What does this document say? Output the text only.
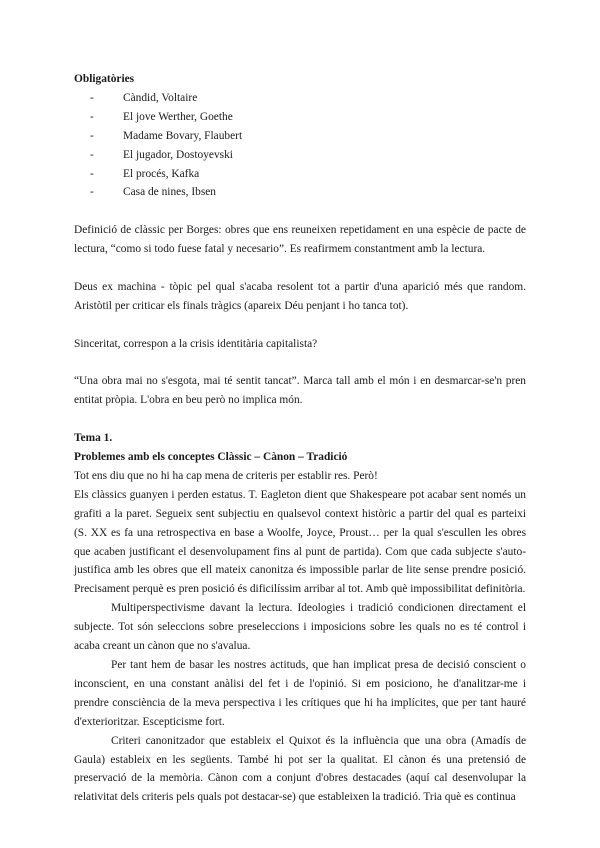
Obligatòries

-	Càndid, Voltaire
-	El jove Werther, Goethe
-	Madame Bovary, Flaubert
-	El jugador, Dostoyevski
-	El procés, Kafka
-	Casa de nines, Ibsen

Definició de clàssic per Borges: obres que ens reuneixen repetidament en una espècie de pacte de lectura, “como si todo fuese fatal y necesario”. Es reafirmem constantment amb la lectura.

Deus ex machina - tòpic pel qual s'acaba resolent tot a partir d'una aparició més que random. Aristòtil per criticar els finals tràgics (apareix Déu penjant i ho tanca tot).

Sinceritat, correspon a la crisis identitària capitalista?

“Una obra mai no s'esgota, mai té sentit tancat”. Marca tall amb el món i en desmarcar-se'n pren entitat pròpia. L'obra en beu però no implica món.

Tema 1.

Problemes amb els conceptes Clàssic – Cànon – Tradició

Tot ens diu que no hi ha cap mena de criteris per establir res. Però!

Els clàssics guanyen i perden estatus. T. Eagleton dient que Shakespeare pot acabar sent només un grafiti a la paret. Segueix sent subjectiu en qualsevol context històric a partir del qual es parteixi (S. XX es fa una retrospectiva en base a Woolfe, Joyce, Proust… per la qual s'escullen les obres que acaben justificant el desenvolupament fins al punt de partida). Com que cada subjecte s'auto-justifica amb les obres que ell mateix canonitza és impossible parlar de lite sense prendre posició. Precisament perquè es pren posició és dificilíssim arribar al tot. Amb què impossibilitat definitòria.

Multiperspectivisme davant la lectura. Ideologies i tradició condicionen directament el subjecte. Tot són seleccions sobre preseleccions i imposicions sobre les quals no es té control i acaba creant un cànon que no s'avalua.

Per tant hem de basar les nostres actituds, que han implicat presa de decisió conscient o inconscient, en una constant anàlisi del fet i de l'opinió. Si em posiciono, he d'analitzar-me i prendre consciència de la meva perspectiva i les crítiques que hi ha implícites, que per tant hauré d'exterioritzar. Escepticisme fort.

Criteri canonitzador que estableix el Quixot és la influència que una obra (Amadís de Gaula) estableix en les següents. També hi pot ser la qualitat. El cànon és una pretensió de preservació de la memòria. Cànon com a conjunt d'obres destacades (aquí cal desenvolupar la relativitat dels criteris pels quals pot destacar-se) que estableixen la tradició. Tria què es continua
